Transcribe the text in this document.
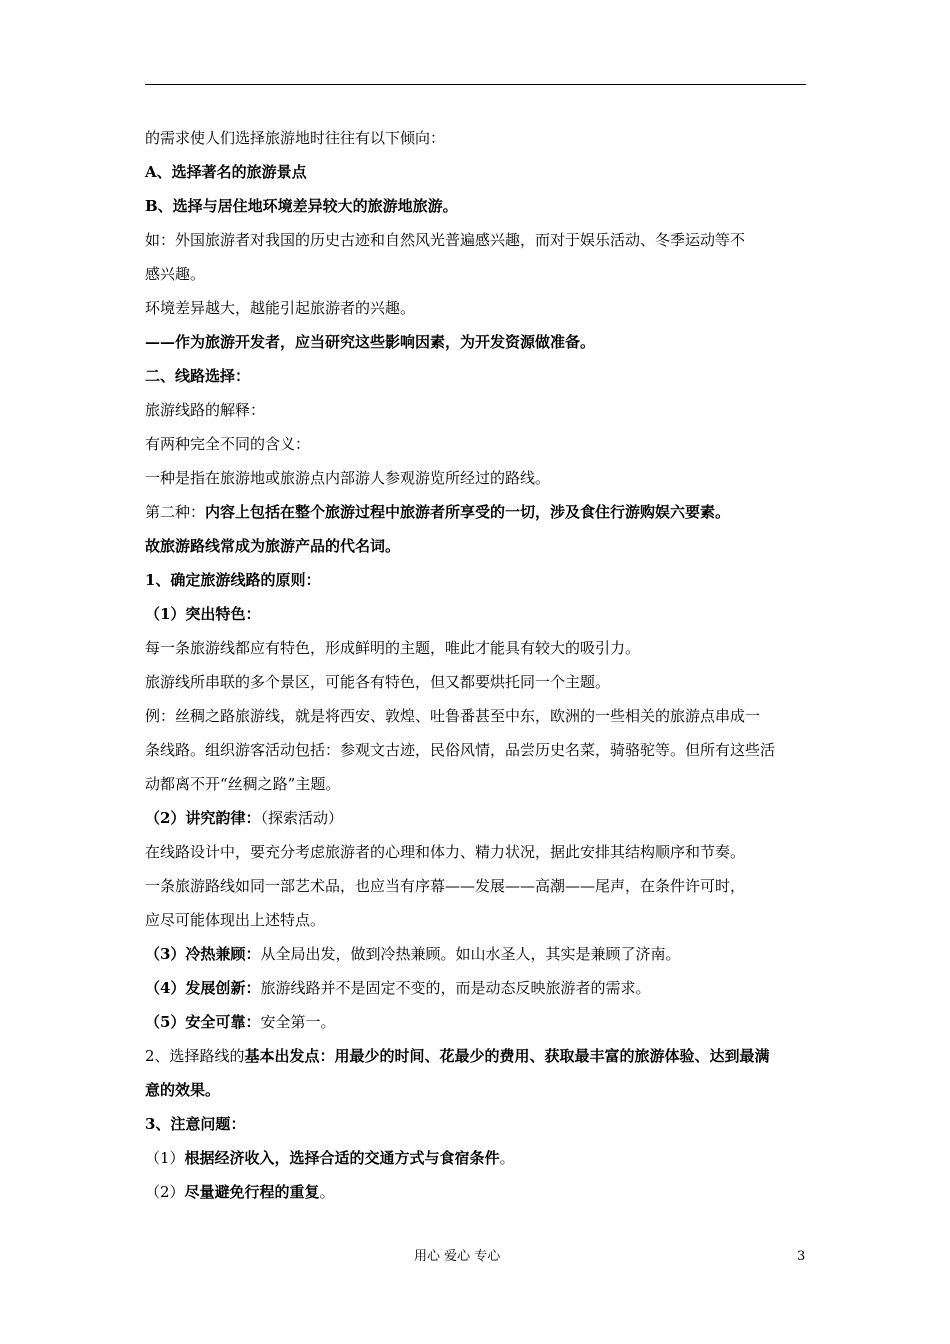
的需求使人们选择旅游地时往往有以下倾向：
A、选择著名的旅游景点
B、选择与居住地环境差异较大的旅游地旅游。
如：外国旅游者对我国的历史古迹和自然风光普遍感兴趣，而对于娱乐活动、冬季运动等不
感兴趣。
环境差异越大，越能引起旅游者的兴趣。
——作为旅游开发者，应当研究这些影响因素，为开发资源做准备。
二、线路选择：
旅游线路的解释：
有两种完全不同的含义：
一种是指在旅游地或旅游点内部游人参观游览所经过的路线。
第二种：内容上包括在整个旅游过程中旅游者所享受的一切，涉及食住行游购娱六要素。
故旅游路线常成为旅游产品的代名词。
1、确定旅游线路的原则：
（1）突出特色：
每一条旅游线都应有特色，形成鲜明的主题，唯此才能具有较大的吸引力。
旅游线所串联的多个景区，可能各有特色，但又都要烘托同一个主题。
例：丝稠之路旅游线，就是将西安、敦煌、吐鲁番甚至中东，欧洲的一些相关的旅游点串成一
条线路。组织游客活动包括：参观文古迹，民俗风情，品尝历史名菜，骑骆驼等。但所有这些活
动都离不开“丝稠之路”主题。
（2）讲究韵律：（探索活动）
在线路设计中，要充分考虑旅游者的心理和体力、精力状况，据此安排其结构顺序和节奏。
一条旅游路线如同一部艺术品，也应当有序幕——发展——高潮——尾声，在条件许可时，
应尽可能体现出上述特点。
（3）冷热兼顾：从全局出发，做到冷热兼顾。如山水圣人，其实是兼顾了济南。
（4）发展创新：旅游线路并不是固定不变的，而是动态反映旅游者的需求。
（5）安全可靠：安全第一。
2、选择路线的基本出发点：用最少的时间、花最少的费用、获取最丰富的旅游体验、达到最满
意的效果。
3、注意问题：
（1）根据经济收入，选择合适的交通方式与食宿条件。
（2）尽量避免行程的重复。
用心 爱心 专心	3
